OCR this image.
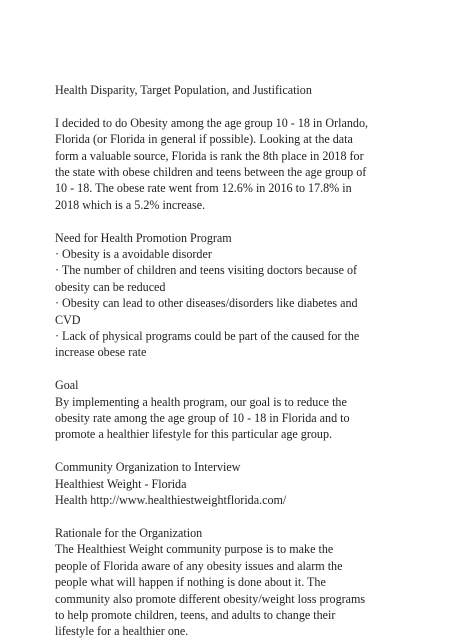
Health Disparity, Target Population, and Justification
I decided to do Obesity among the age group 10 - 18 in Orlando,
Florida (or Florida in general if possible). Looking at the data
form a valuable source, Florida is rank the 8th place in 2018 for
the state with obese children and teens between the age group of
10 - 18. The obese rate went from 12.6% in 2016 to 17.8% in
2018 which is a 5.2% increase.
Need for Health Promotion Program
· Obesity is a avoidable disorder
· The number of children and teens visiting doctors because of
obesity can be reduced
· Obesity can lead to other diseases/disorders like diabetes and
CVD
· Lack of physical programs could be part of the caused for the
increase obese rate
Goal
By implementing a health program, our goal is to reduce the
obesity rate among the age group of 10 - 18 in Florida and to
promote a healthier lifestyle for this particular age group.
Community Organization to Interview
Healthiest Weight - Florida
Health http://www.healthiestweightflorida.com/
Rationale for the Organization
The Healthiest Weight community purpose is to make the
people of Florida aware of any obesity issues and alarm the
people what will happen if nothing is done about it. The
community also promote different obesity/weight loss programs
to help promote children, teens, and adults to change their
lifestyle for a healthier one.
